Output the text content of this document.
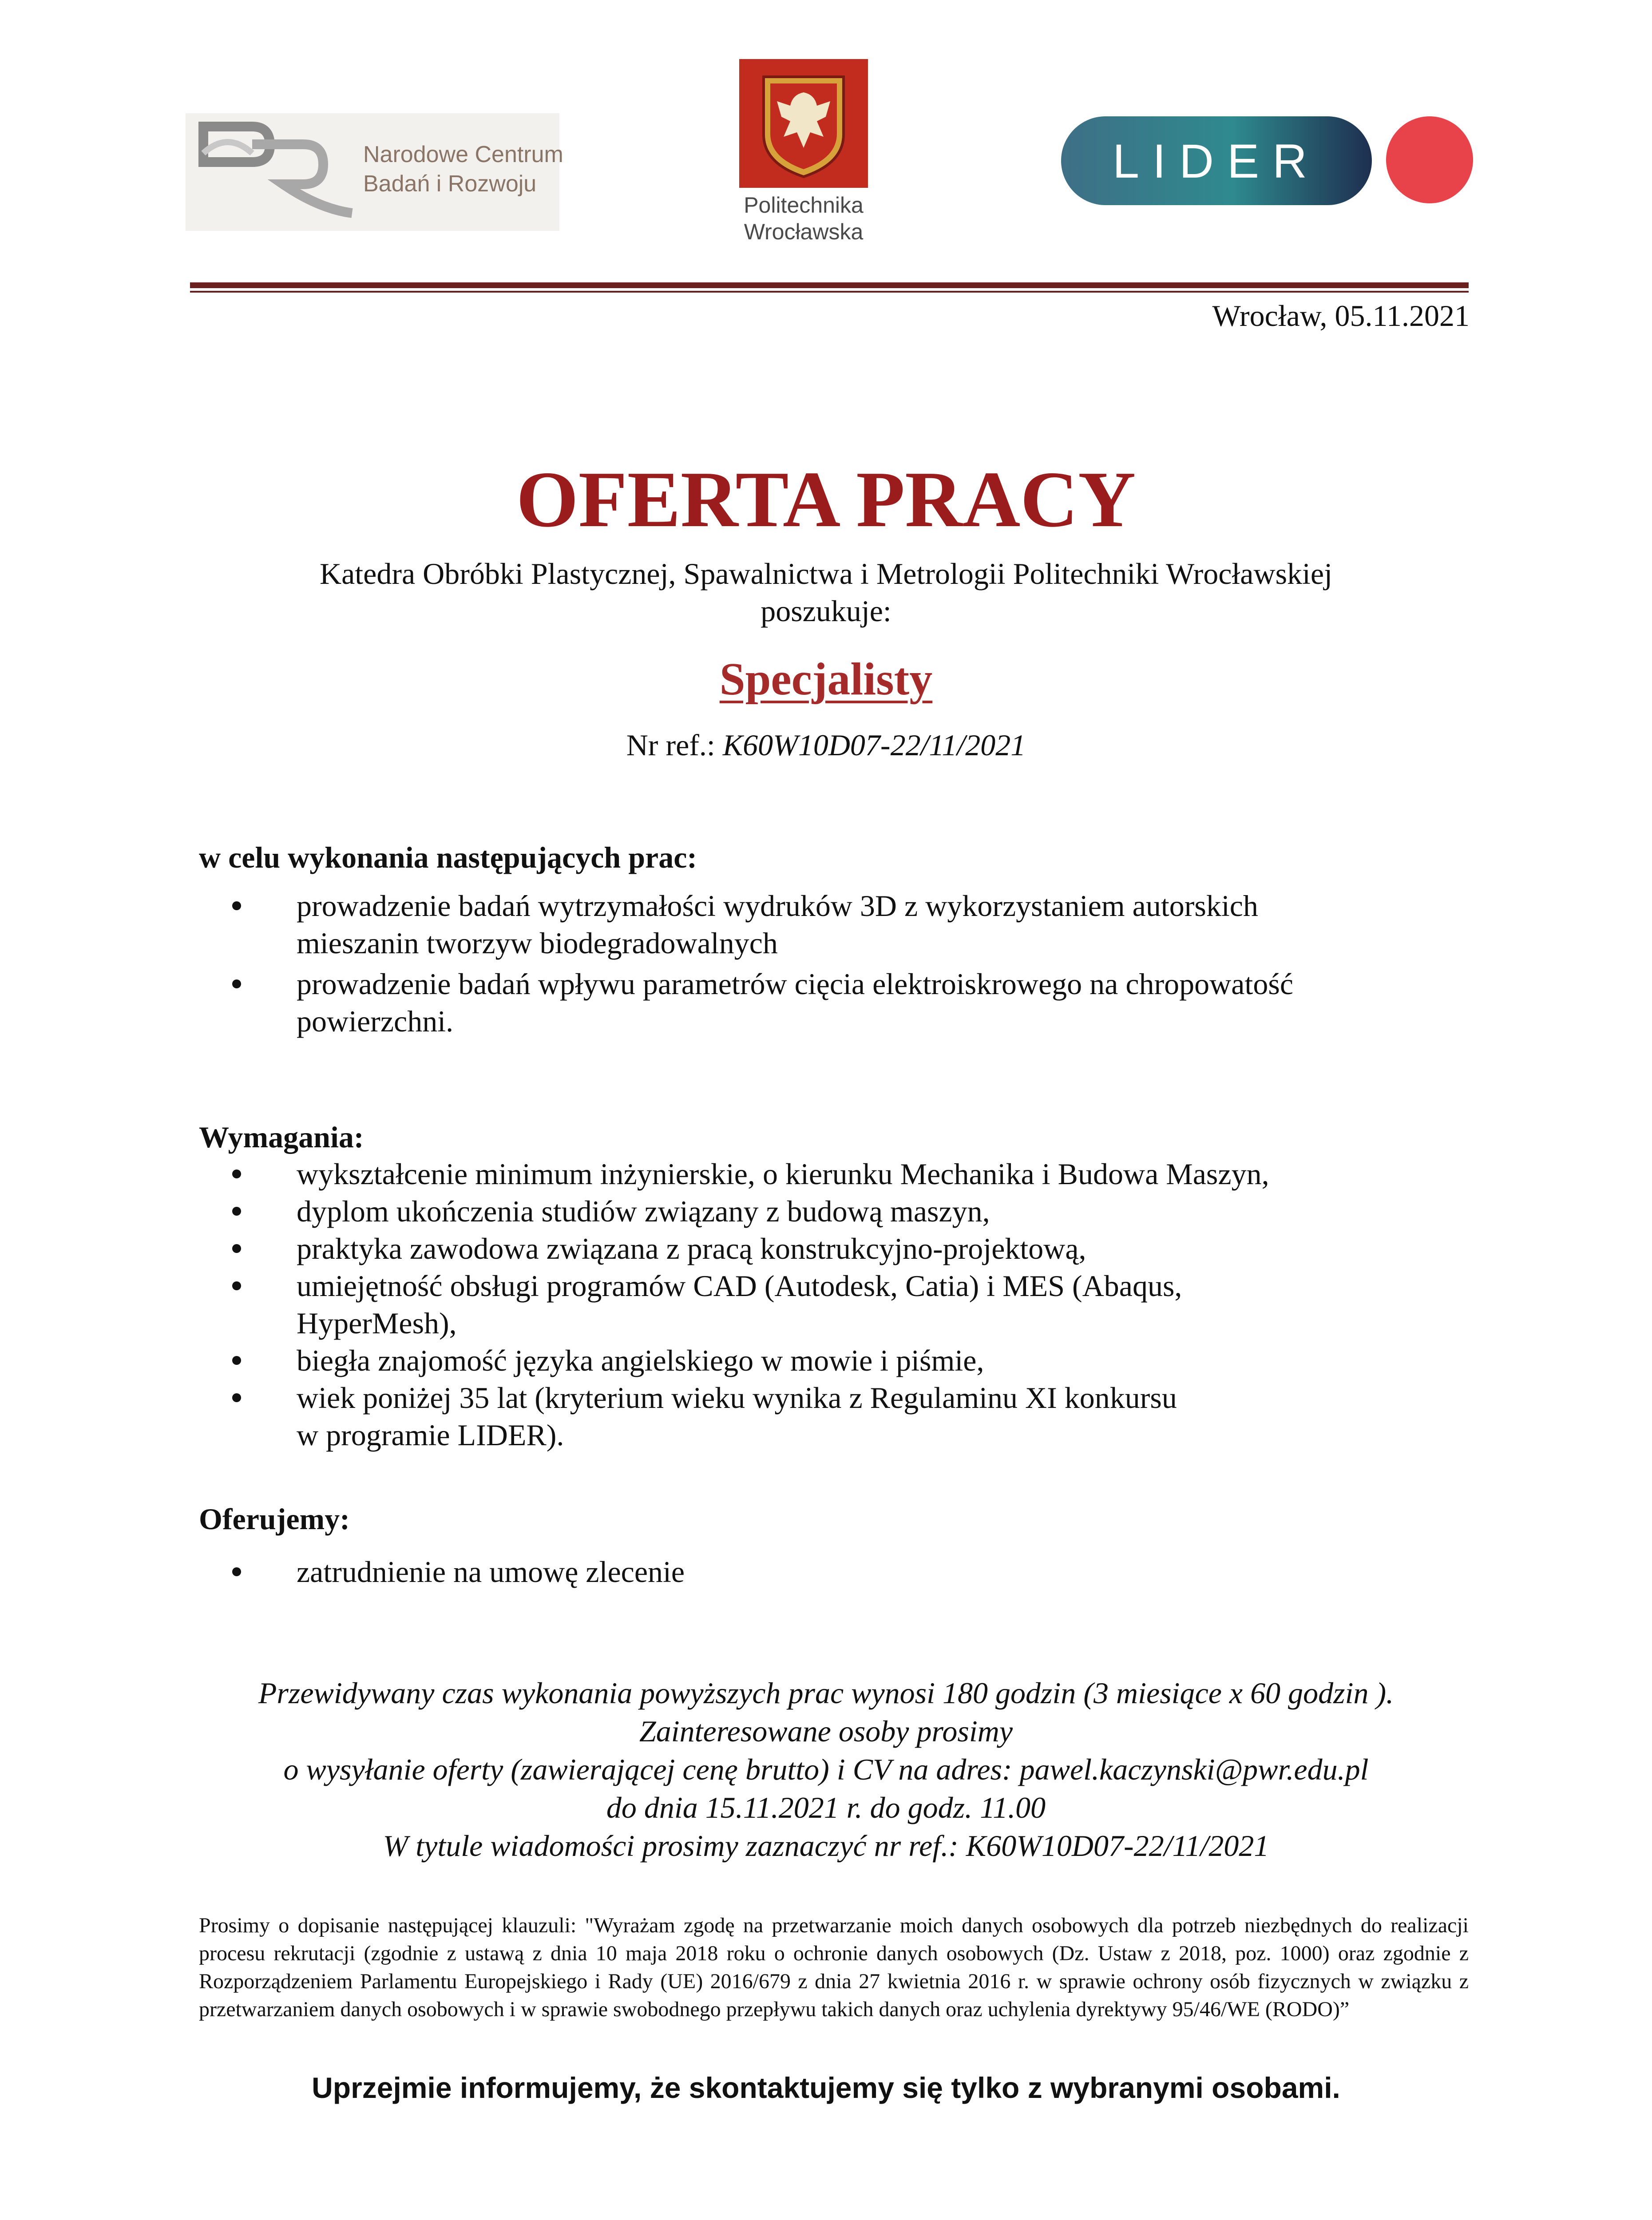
Narodowe Centrum
Badań i Rozwoju
Politechnika
Wrocławska
LIDER
Wrocław, 05.11.2021
OFERTA PRACY
Katedra Obróbki Plastycznej, Spawalnictwa i Metrologii Politechniki Wrocławskiej
poszukuje:
Specjalisty
Nr ref.: K60W10D07-22/11/2021
w celu wykonania następujących prac:
prowadzenie badań wytrzymałości wydruków 3D z wykorzystaniem autorskich
mieszanin tworzyw biodegradowalnych
prowadzenie badań wpływu parametrów cięcia elektroiskrowego na chropowatość
powierzchni.
Wymagania:
wykształcenie minimum inżynierskie, o kierunku Mechanika i Budowa Maszyn,
dyplom ukończenia studiów związany z budową maszyn,
praktyka zawodowa związana z pracą konstrukcyjno-projektową,
umiejętność obsługi programów CAD (Autodesk, Catia) i MES (Abaqus,
HyperMesh),
biegła znajomość języka angielskiego w mowie i piśmie,
wiek poniżej 35 lat (kryterium wieku wynika z Regulaminu XI konkursu
w programie LIDER).
Oferujemy:
zatrudnienie na umowę zlecenie
Przewidywany czas wykonania powyższych prac wynosi 180 godzin (3 miesiące x 60 godzin ).
Zainteresowane osoby prosimy
o wysyłanie oferty (zawierającej cenę brutto) i CV na adres: pawel.kaczynski@pwr.edu.pl
do dnia 15.11.2021 r. do godz. 11.00
W tytule wiadomości prosimy zaznaczyć nr ref.: K60W10D07-22/11/2021
Prosimy o dopisanie następującej klauzuli: "Wyrażam zgodę na przetwarzanie moich danych osobowych dla potrzeb niezbędnych do realizacji procesu rekrutacji (zgodnie z ustawą z dnia 10 maja 2018 roku o ochronie danych osobowych (Dz. Ustaw z 2018, poz. 1000) oraz zgodnie z Rozporządzeniem Parlamentu Europejskiego i Rady (UE) 2016/679 z dnia 27 kwietnia 2016 r. w sprawie ochrony osób fizycznych w związku z przetwarzaniem danych osobowych i w sprawie swobodnego przepływu takich danych oraz uchylenia dyrektywy 95/46/WE (RODO)”
Uprzejmie informujemy, że skontaktujemy się tylko z wybranymi osobami.
